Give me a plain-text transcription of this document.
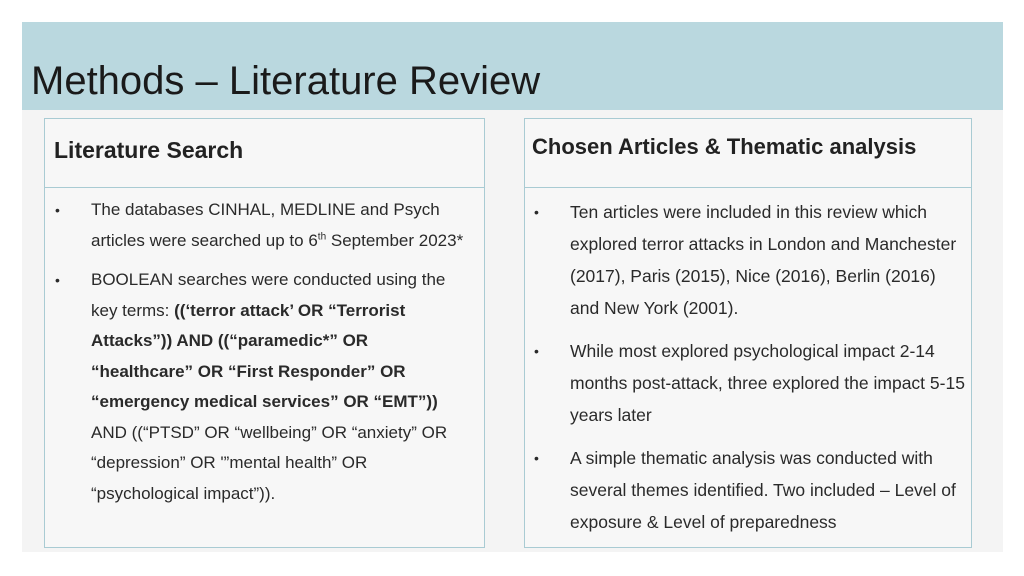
Methods – Literature Review
Literature Search
• The databases CINHAL, MEDLINE and Psych articles were searched up to 6th September 2023*
• BOOLEAN searches were conducted using the key terms: ((‘terror attack’ OR “Terrorist Attacks”)) AND ((“paramedic*” OR “healthcare” OR “First Responder” OR “emergency medical services” OR “EMT”)) AND ((“PTSD” OR “wellbeing” OR “anxiety” OR “depression” OR '”mental health” OR “psychological impact”)).
Chosen Articles & Thematic analysis
• Ten articles were included in this review which explored terror attacks in London and Manchester (2017), Paris (2015), Nice (2016), Berlin (2016) and New York (2001).
• While most explored psychological impact 2-14 months post-attack, three explored the impact 5-15 years later
• A simple thematic analysis was conducted with several themes identified. Two included – Level of exposure & Level of preparedness
